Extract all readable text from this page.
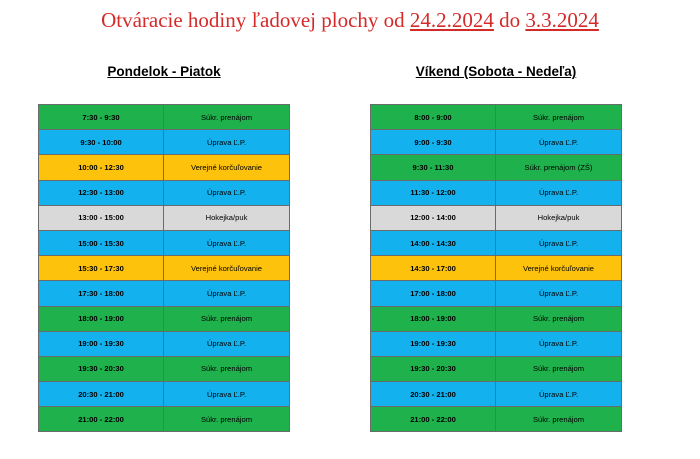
Otváracie hodiny ľadovej plochy od 24.2.2024 do 3.3.2024
Pondelok - Piatok	Víkend (Sobota - Nedeľa)
7:30 - 9:30	Súkr. prenájom
9:30 - 10:00	Úprava Ľ.P.
10:00 - 12:30	Verejné korčuľovanie
12:30 - 13:00	Úprava Ľ.P.
13:00 - 15:00	Hokejka/puk
15:00 - 15:30	Úprava Ľ.P.
15:30 - 17:30	Verejné korčuľovanie
17:30 - 18:00	Úprava Ľ.P.
18:00 - 19:00	Súkr. prenájom
19:00 - 19:30	Úprava Ľ.P.
19:30 - 20:30	Súkr. prenájom
20:30 - 21:00	Úprava Ľ.P.
21:00 - 22:00	Súkr. prenájom
8:00 - 9:00	Súkr. prenájom
9:00 - 9:30	Úprava Ľ.P.
9:30 - 11:30	Súkr. prenájom (ZŠ)
11:30 - 12:00	Úprava Ľ.P.
12:00 - 14:00	Hokejka/puk
14:00 - 14:30	Úprava Ľ.P.
14:30 - 17:00	Verejné korčuľovanie
17:00 - 18:00	Úprava Ľ.P.
18:00 - 19:00	Súkr. prenájom
19:00 - 19:30	Úprava Ľ.P.
19:30 - 20:30	Súkr. prenájom
20:30 - 21:00	Úprava Ľ.P.
21:00 - 22:00	Súkr. prenájom
